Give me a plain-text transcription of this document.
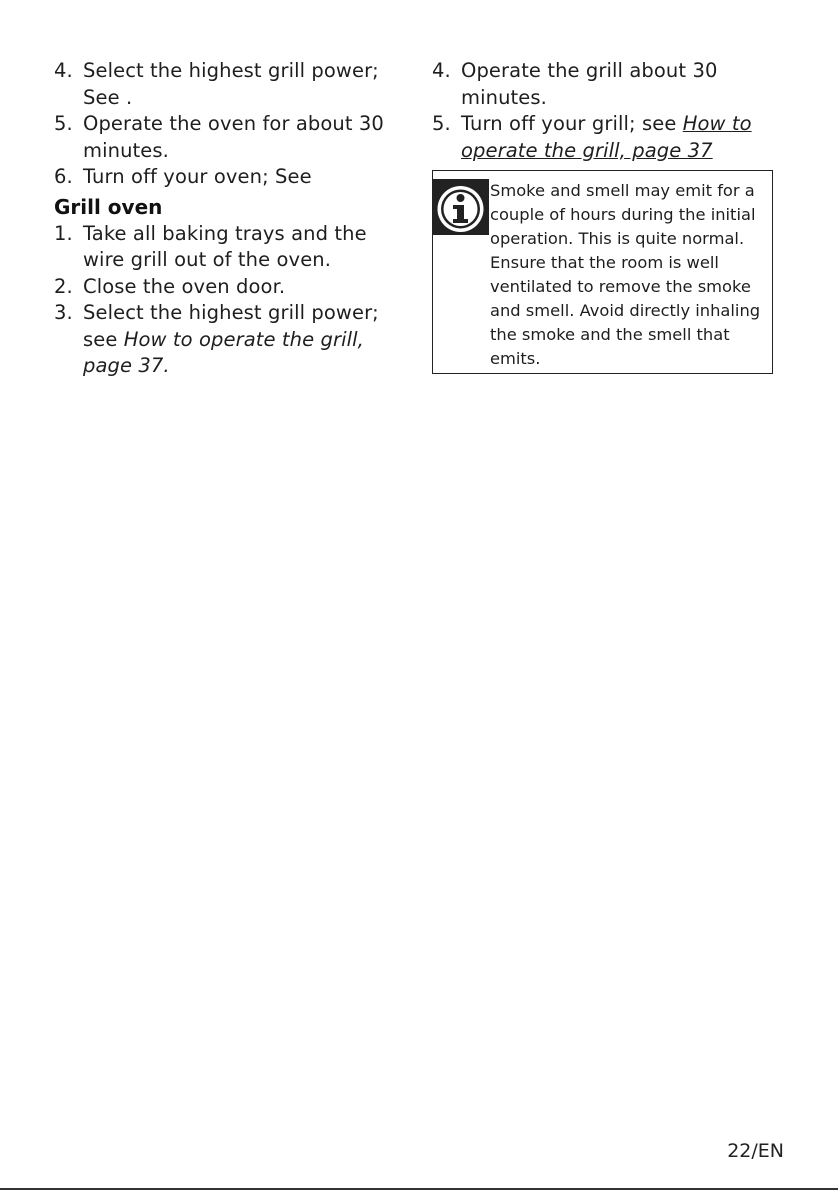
4. Select the highest grill power; See .
5. Operate the oven for about 30 minutes.
6. Turn off your oven; See
Grill oven
1. Take all baking trays and the wire grill out of the oven.
2. Close the oven door.
3. Select the highest grill power; see How to operate the grill, page 37.
4. Operate the grill about 30 minutes.
5. Turn off your grill; see How to operate the grill, page 37

Smoke and smell may emit for a couple of hours during the initial operation. This is quite normal. Ensure that the room is well ventilated to remove the smoke and smell. Avoid directly inhaling the smoke and the smell that emits.

22/EN
